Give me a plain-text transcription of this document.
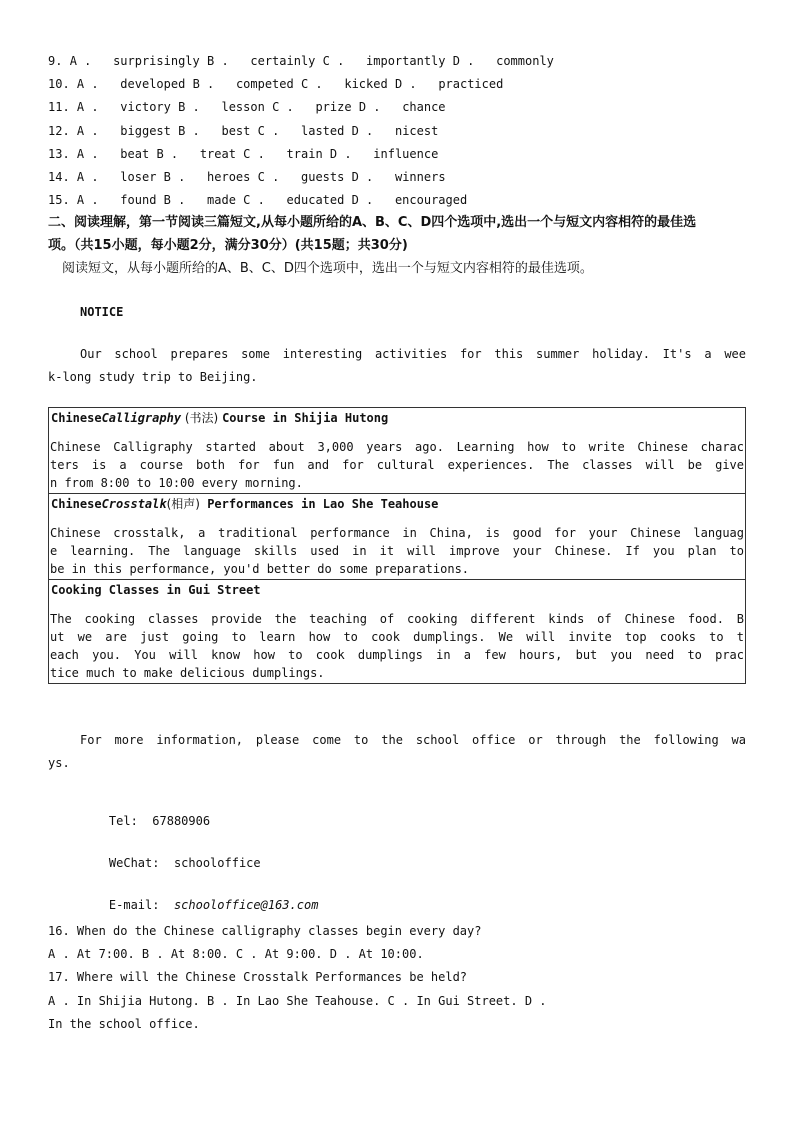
9. A . surprisingly B . certainly C . importantly D . commonly
10. A . developed B . competed C . kicked D . practiced
11. A . victory B . lesson C . prize D . chance
12. A . biggest B . best C . lasted D . nicest
13. A . beat B . treat C . train D . influence
14. A . loser B . heroes C . guests D . winners
15. A . found B . made C . educated D . encouraged
二、阅读理解，第一节阅读三篇短文,从每小题所给的A、B、C、D四个选项中,选出一个与短文内容相符的最佳选
项。（共15小题，每小题2分，满分30分）(共15题；共30分)
阅读短文，从每小题所给的A、B、C、D四个选项中，选出一个与短文内容相符的最佳选项。
NOTICE
Our school prepares some interesting activities for this summer holiday. It's a wee
k-long study trip to Beijing.
ChineseCalligraphy (书法) Course in Shijia Hutong
Chinese Calligraphy started about 3,000 years ago. Learning how to write Chinese charac
ters is a course both for fun and for cultural experiences. The classes will be give
n from 8:00 to 10:00 every morning.
ChineseCrosstalk(相声) Performances in Lao She Teahouse
Chinese crosstalk, a traditional performance in China, is good for your Chinese languag
e learning. The language skills used in it will improve your Chinese. If you plan to
be in this performance, you'd better do some preparations.
Cooking Classes in Gui Street
The cooking classes provide the teaching of cooking different kinds of Chinese food. B
ut we are just going to learn how to cook dumplings. We will invite top cooks to t
each you. You will know how to cook dumplings in a few hours, but you need to prac
tice much to make delicious dumplings.
For more information, please come to the school office or through the following wa
ys.

Tel: 67880906

WeChat: schooloffice

E-mail: schooloffice@163.com

16. When do the Chinese calligraphy classes begin every day?
A . At 7:00. B . At 8:00. C . At 9:00. D . At 10:00.
17. Where will the Chinese Crosstalk Performances be held?
A . In Shijia Hutong. B . In Lao She Teahouse. C . In Gui Street. D .
In the school office.
